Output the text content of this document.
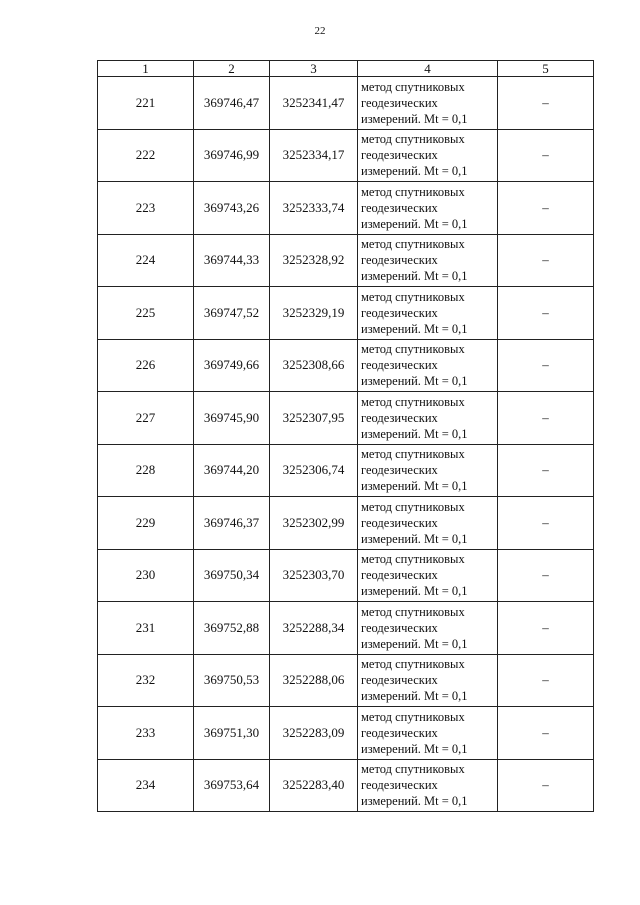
22
1	2	3	4	5
221	369746,47	3252341,47	метод спутниковых
геодезических
измерений. Mt = 0,1	–
222	369746,99	3252334,17	метод спутниковых
геодезических
измерений. Mt = 0,1	–
223	369743,26	3252333,74	метод спутниковых
геодезических
измерений. Mt = 0,1	–
224	369744,33	3252328,92	метод спутниковых
геодезических
измерений. Mt = 0,1	–
225	369747,52	3252329,19	метод спутниковых
геодезических
измерений. Mt = 0,1	–
226	369749,66	3252308,66	метод спутниковых
геодезических
измерений. Mt = 0,1	–
227	369745,90	3252307,95	метод спутниковых
геодезических
измерений. Mt = 0,1	–
228	369744,20	3252306,74	метод спутниковых
геодезических
измерений. Mt = 0,1	–
229	369746,37	3252302,99	метод спутниковых
геодезических
измерений. Mt = 0,1	–
230	369750,34	3252303,70	метод спутниковых
геодезических
измерений. Mt = 0,1	–
231	369752,88	3252288,34	метод спутниковых
геодезических
измерений. Mt = 0,1	–
232	369750,53	3252288,06	метод спутниковых
геодезических
измерений. Mt = 0,1	–
233	369751,30	3252283,09	метод спутниковых
геодезических
измерений. Mt = 0,1	–
234	369753,64	3252283,40	метод спутниковых
геодезических
измерений. Mt = 0,1	–
